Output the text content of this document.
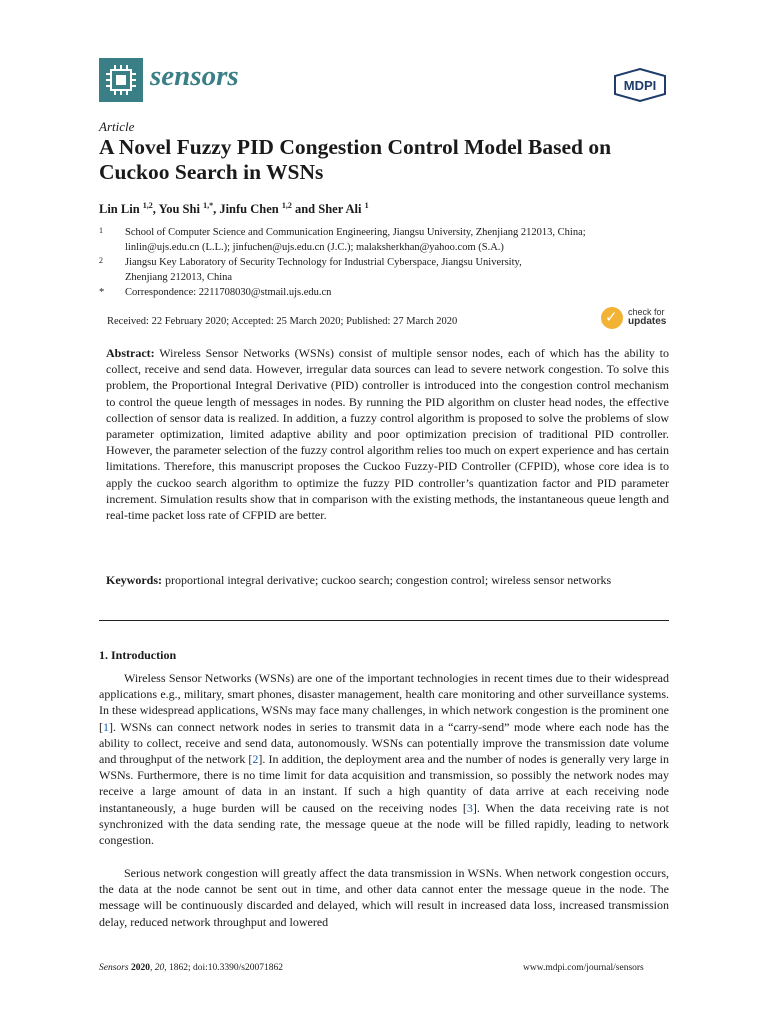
sensors	MDPI
Article
A Novel Fuzzy PID Congestion Control Model Based on Cuckoo Search in WSNs
Lin Lin $^{1,2}$, You Shi $^{1,*}$, Jinfu Chen $^{1,2}$ and Sher Ali $^1$
1	School of Computer Science and Communication Engineering, Jiangsu University, Zhenjiang 212013, China;
linlin@ujs.edu.cn (L.L.); jinfuchen@ujs.edu.cn (J.C.); malaksherkhan@yahoo.com (S.A.)
2	Jiangsu Key Laboratory of Security Technology for Industrial Cyberspace, Jiangsu University,
Zhenjiang 212013, China
*	Correspondence: 2211708030@stmail.ujs.edu.cn
Received: 22 February 2020; Accepted: 25 March 2020; Published: 27 March 2020	✓ check for
updates
Abstract: Wireless Sensor Networks (WSNs) consist of multiple sensor nodes, each of which has the ability to collect, receive and send data. However, irregular data sources can lead to severe network congestion. To solve this problem, the Proportional Integral Derivative (PID) controller is introduced into the congestion control mechanism to control the queue length of messages in nodes. By running the PID algorithm on cluster head nodes, the effective collection of sensor data is realized. In addition, a fuzzy control algorithm is proposed to solve the problems of slow parameter optimization, limited adaptive ability and poor optimization precision of traditional PID controller. However, the parameter selection of the fuzzy control algorithm relies too much on expert experience and has certain limitations. Therefore, this manuscript proposes the Cuckoo Fuzzy-PID Controller (CFPID), whose core idea is to apply the cuckoo search algorithm to optimize the fuzzy PID controller’s quantization factor and PID parameter increment. Simulation results show that in comparison with the existing methods, the instantaneous queue length and real-time packet loss rate of CFPID are better.
Keywords: proportional integral derivative; cuckoo search; congestion control; wireless sensor networks
1. Introduction
Wireless Sensor Networks (WSNs) are one of the important technologies in recent times due to their widespread applications e.g., military, smart phones, disaster management, health care monitoring and other surveillance systems. In these widespread applications, WSNs may face many challenges, in which network congestion is the prominent one [1]. WSNs can connect network nodes in series to transmit data in a “carry-send” mode where each node has the ability to collect, receive and send data, autonomously. WSNs can potentially improve the transmission date volume and throughput of the network [2]. In addition, the deployment area and the number of nodes is generally very large in WSNs. Furthermore, there is no time limit for data acquisition and transmission, so possibly the network nodes may receive a large amount of data in an instant. If such a high quantity of data arrive at each receiving node instantaneously, a huge burden will be caused on the receiving nodes [3]. When the data receiving rate is not synchronized with the data sending rate, the message queue at the node will be filled rapidly, leading to network congestion.
Serious network congestion will greatly affect the data transmission in WSNs. When network congestion occurs, the data at the node cannot be sent out in time, and other data cannot enter the message queue in the node. The message will be continuously discarded and delayed, which will result in increased data loss, increased transmission delay, reduced network throughput and lowered
Sensors 2020, 20, 1862; doi:10.3390/s20071862	www.mdpi.com/journal/sensors
